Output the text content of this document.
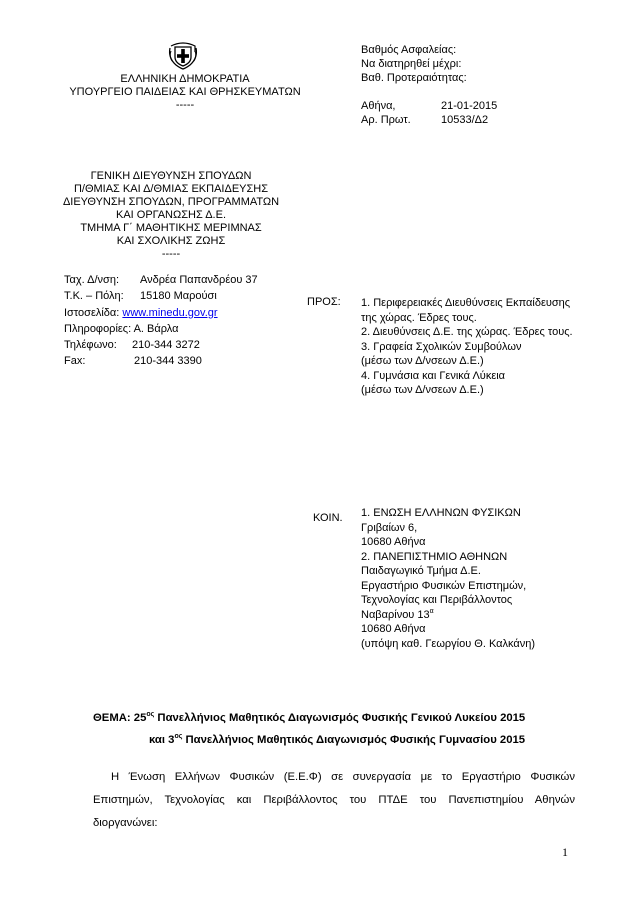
ΕΛΛΗΝΙΚΗ ΔΗΜΟΚΡΑΤΙΑ
ΥΠΟΥΡΓΕΙΟ ΠΑΙΔΕΙΑΣ ΚΑΙ ΘΡΗΣΚΕΥΜΑΤΩΝ
-----
ΓΕΝΙΚΗ ΔΙΕΥΘΥΝΣΗ ΣΠΟΥΔΩΝ
Π/ΘΜΙΑΣ ΚΑΙ Δ/ΘΜΙΑΣ ΕΚΠΑΙΔΕΥΣΗΣ
ΔΙΕΥΘΥΝΣΗ ΣΠΟΥΔΩΝ, ΠΡΟΓΡΑΜΜΑΤΩΝ
ΚΑΙ ΟΡΓΑΝΩΣΗΣ Δ.Ε.
ΤΜΗΜΑ Γ΄ ΜΑΘΗΤΙΚΗΣ ΜΕΡΙΜΝΑΣ
ΚΑΙ ΣΧΟΛΙΚΗΣ ΖΩΗΣ
-----
Ταχ. Δ/νση: Ανδρέα Παπανδρέου 37
Τ.Κ. – Πόλη: 15180 Μαρούσι
Ιστοσελίδα: www.minedu.gov.gr
Πληροφορίες: Α. Βάρλα
Τηλέφωνο: 210-344 3272
Fax:	210-344 3390
Βαθμός Ασφαλείας:
Να διατηρηθεί μέχρι:
Βαθ. Προτεραιότητας:
Αθήνα,	21-01-2015
Αρ. Πρωτ.	10533/Δ2
ΠΡΟΣ: 1. Περιφερειακές Διευθύνσεις Εκπαίδευσης
της χώρας. Έδρες τους.
2. Διευθύνσεις Δ.Ε. της χώρας. Έδρες τους.
3. Γραφεία Σχολικών Συμβούλων
(μέσω των Δ/νσεων Δ.Ε.)
4. Γυμνάσια και Γενικά Λύκεια
(μέσω των Δ/νσεων Δ.Ε.)
ΚΟΙΝ. 1. ΕΝΩΣΗ ΕΛΛΗΝΩΝ ΦΥΣΙΚΩΝ
Γριβαίων 6,
10680 Αθήνα
2. ΠΑΝΕΠΙΣΤΗΜΙΟ ΑΘΗΝΩΝ
Παιδαγωγικό Τμήμα Δ.Ε.
Εργαστήριο Φυσικών Επιστημών,
Τεχνολογίας και Περιβάλλοντος
Ναβαρίνου $13^\alpha$
10680 Αθήνα
(υπόψη καθ. Γεωργίου Θ. Καλκάνη)
ΘΕΜΑ: $25^{o\varsigma}$ Πανελλήνιος Μαθητικός Διαγωνισμός Φυσικής Γενικού Λυκείου 2015
και $3^{o\varsigma}$ Πανελλήνιος Μαθητικός Διαγωνισμός Φυσικής Γυμνασίου 2015
Η Ένωση Ελλήνων Φυσικών (Ε.Ε.Φ) σε συνεργασία με το Εργαστήριο Φυσικών
Επιστημών, Τεχνολογίας και Περιβάλλοντος του ΠΤΔΕ του Πανεπιστημίου Αθηνών
διοργανώνει:
1
